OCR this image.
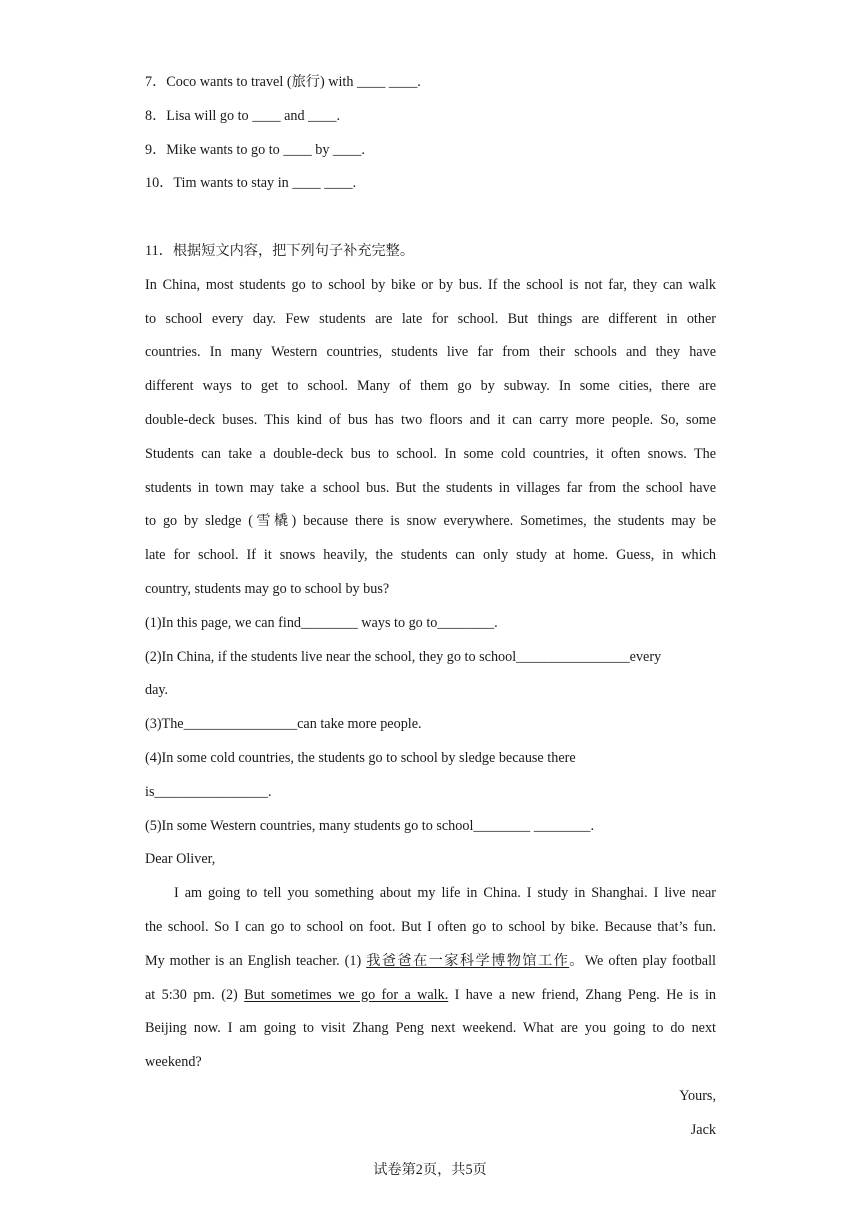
7．Coco wants to travel (旅行) with ____ ____.
8．Lisa will go to ____ and ____.
9．Mike wants to go to ____ by ____.
10．Tim wants to stay in ____ ____.
11．根据短文内容，把下列句子补充完整。
In China, most students go to school by bike or by bus. If the school is not far, they can walk
to school every day. Few students are late for school. But things are different in other
countries. In many Western countries, students live far from their schools and they have
different ways to get to school. Many of them go by subway. In some cities, there are
double-deck buses. This kind of bus has two floors and it can carry more people. So, some
Students can take a double-deck bus to school. In some cold countries, it often snows. The
students in town may take a school bus. But the students in villages far from the school have
to go by sledge (雪橇) because there is snow everywhere. Sometimes, the students may be
late for school. If it snows heavily, the students can only study at home. Guess, in which
country, students may go to school by bus?
(1)In this page, we can find________ ways to go to________.
(2)In China, if the students live near the school, they go to school________________every
day.
(3)The________________can take more people.
(4)In some cold countries, the students go to school by sledge because there
is________________.
(5)In some Western countries, many students go to school________ ________.
Dear Oliver,
I am going to tell you something about my life in China. I study in Shanghai. I live near
the school. So I can go to school on foot. But I often go to school by bike. Because that’s fun.
My mother is an English teacher. (1) 我爸爸在一家科学博物馆工作。We often play football
at 5:30 pm. (2) But sometimes we go for a walk. I have a new friend, Zhang Peng. He is in
Beijing now. I am going to visit Zhang Peng next weekend. What are you going to do next
weekend?
Yours,
Jack
试卷第2页，共5页
